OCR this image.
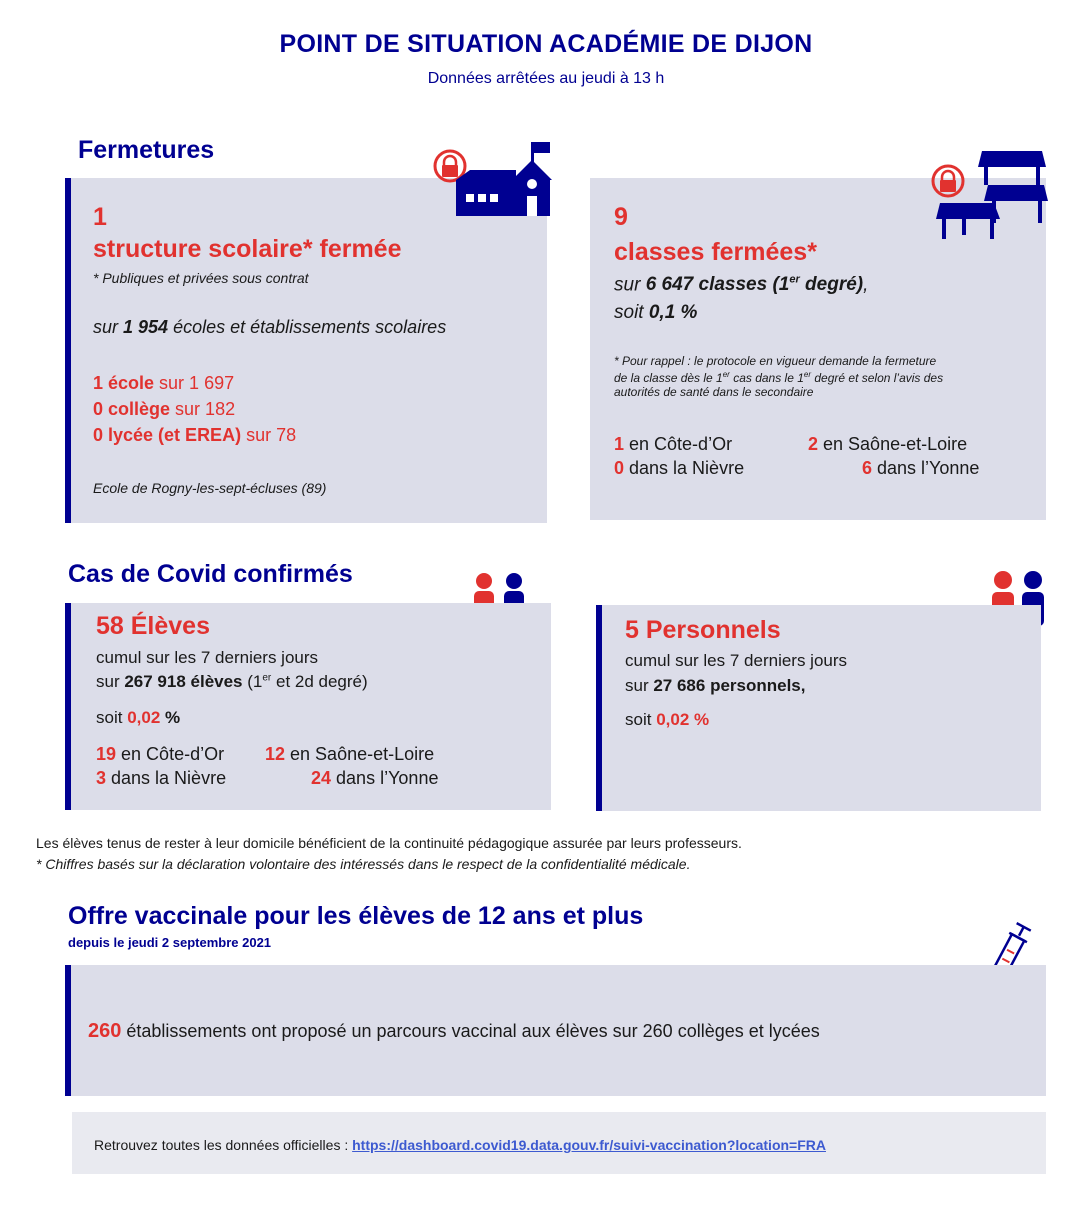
POINT DE SITUATION ACADÉMIE DE DIJON
Données arrêtées au jeudi à 13 h
Fermetures
1
structure scolaire* fermée
* Publiques et privées sous contrat
sur 1 954 écoles et établissements scolaires
1 école sur 1 697
0 collège sur 182
0 lycée (et EREA) sur 78
Ecole de Rogny-les-sept-écluses (89)
9
classes fermées*
sur 6 647 classes (1er degré),
soit 0,1 %
* Pour rappel : le protocole en vigueur demande la fermeture
de la classe dès le 1er cas dans le 1er degré et selon l’avis des
autorités de santé dans le secondaire
1 en Côte-d’Or	2 en Saône-et-Loire
0 dans la Nièvre	6 dans l’Yonne
Cas de Covid confirmés
58 Élèves
cumul sur les 7 derniers jours
sur 267 918 élèves (1er et 2d degré)
soit 0,02 %
19 en Côte-d’Or 12 en Saône-et-Loire
3 dans la Nièvre	24 dans l’Yonne
5 Personnels
cumul sur les 7 derniers jours
sur 27 686 personnels,
soit 0,02 %
Les élèves tenus de rester à leur domicile bénéficient de la continuité pédagogique assurée par leurs professeurs.
* Chiffres basés sur la déclaration volontaire des intéressés dans le respect de la confidentialité médicale.
Offre vaccinale pour les élèves de 12 ans et plus
depuis le jeudi 2 septembre 2021
260 établissements ont proposé un parcours vaccinal aux élèves sur 260 collèges et lycées
Retrouvez toutes les données officielles : https://dashboard.covid19.data.gouv.fr/suivi-vaccination?location=FRA
